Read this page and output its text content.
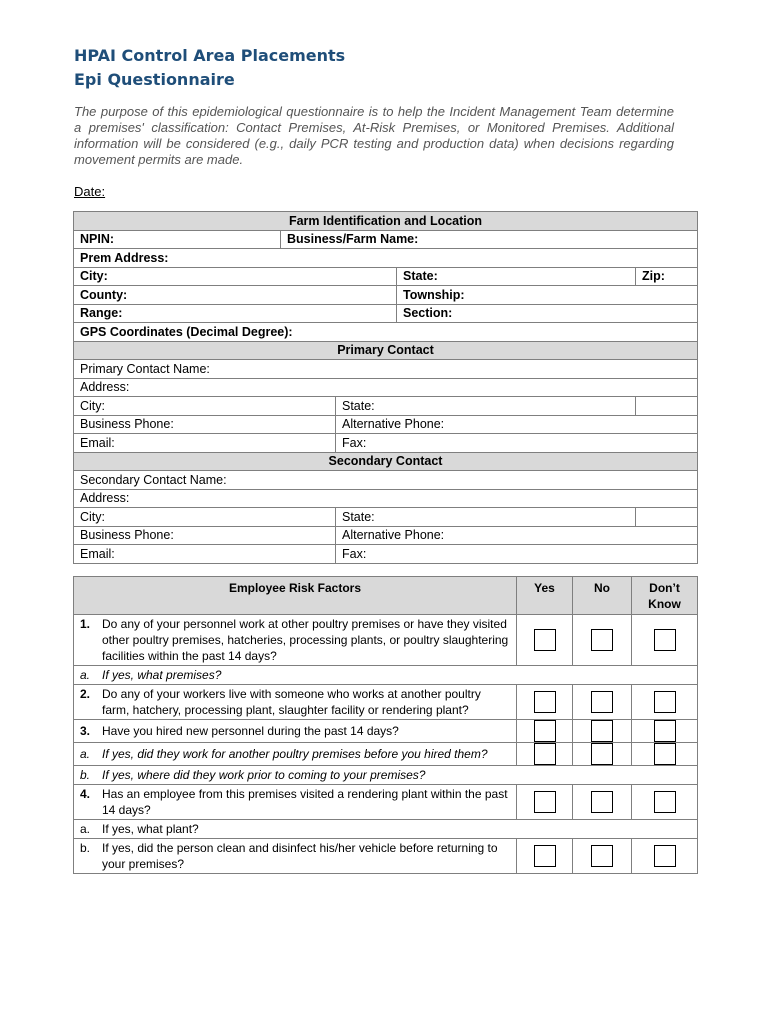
HPAI Control Area Placements
Epi Questionnaire
The purpose of this epidemiological questionnaire is to help the Incident Management Team determine a premises' classification: Contact Premises, At-Risk Premises, or Monitored Premises. Additional information will be considered (e.g., daily PCR testing and production data) when decisions regarding movement permits are made.
Date:
Farm Identification and Location				
NPIN:	Business/Farm Name:			
Prem Address:				
City:			State:	Zip:
County:			Township:	
Range:			Section:	
GPS Coordinates (Decimal Degree):				
Primary Contact				
Primary Contact Name:				
Address:				
City:		State:		
Business Phone:		Alternative Phone:		
Email:		Fax:		
Secondary Contact				
Secondary Contact Name:				
Address:				
City:		State:		
Business Phone:		Alternative Phone:		
Email:		Fax:		
Employee Risk Factors	Yes	No	Don’t Know

1. Do any of your personnel work at other poultry premises or have they visited other poultry premises, hatcheries, processing plants, or poultry slaughtering facilities within the past 14 days?			

a. If yes, what premises?			

2. Do any of your workers live with someone who works at another poultry farm, hatchery, processing plant, slaughter facility or rendering plant?			

3. Have you hired new personnel during the past 14 days?			

a. If yes, did they work for another poultry premises before you hired them?			

b. If yes, where did they work prior to coming to your premises?			

4. Has an employee from this premises visited a rendering plant within the past 14 days?			

a. If yes, what plant?			

b. If yes, did the person clean and disinfect his/her vehicle before returning to your premises?			
